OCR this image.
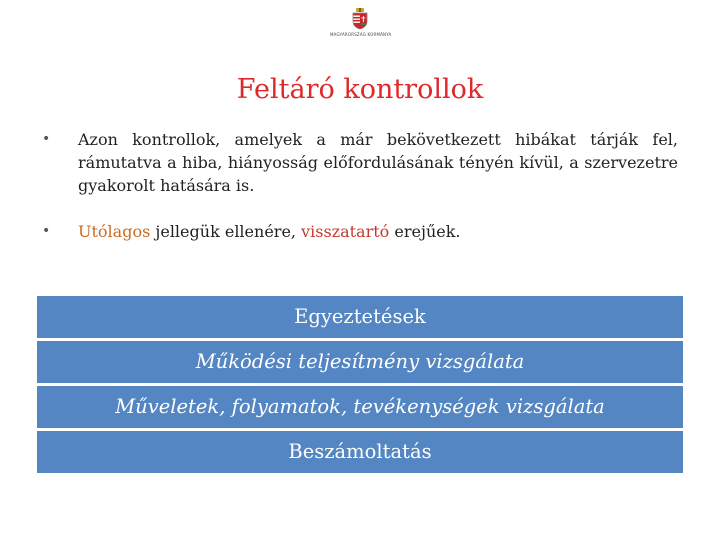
MAGYARORSZÁG KORMÁNYA
Feltáró kontrollok
• Azon kontrollok, amelyek a már bekövetkezett hibákat tárják fel, rámutatva a hiba, hiányosság előfordulásának tényén kívül, a szervezetre gyakorolt hatására is.
• Utólagos jellegük ellenére, visszatartó erejűek.
Egyeztetések
Működési teljesítmény vizsgálata
Műveletek, folyamatok, tevékenységek vizsgálata
Beszámoltatás
